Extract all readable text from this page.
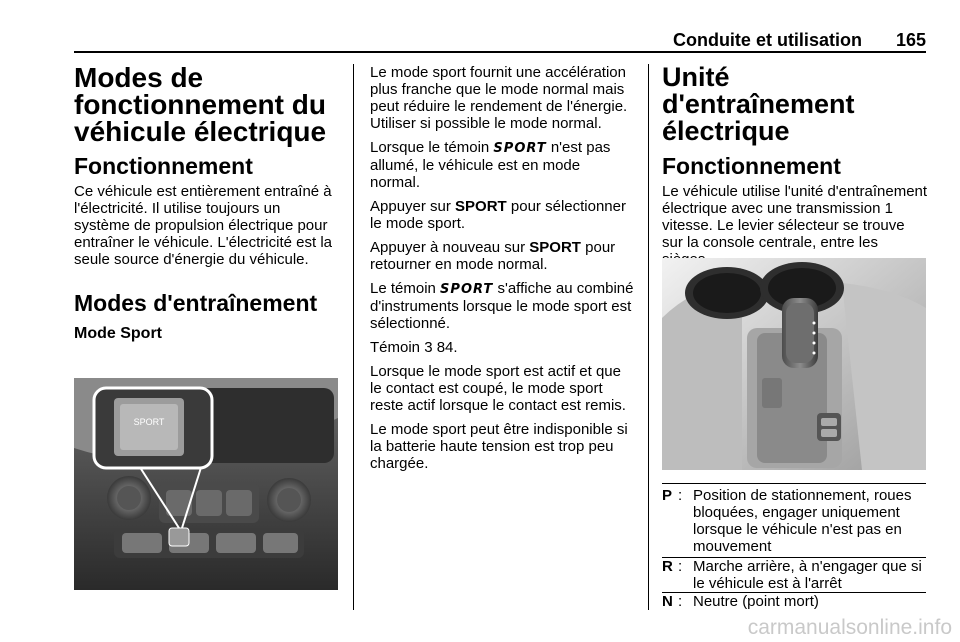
Conduite et utilisation 165
Modes de fonctionnement du véhicule électrique
Fonctionnement

Ce véhicule est entièrement entraîné à l'électricité. Il utilise toujours un système de propulsion électrique pour entraîner le véhicule. L'électricité est la seule source d'énergie du véhicule.

Modes d'entraînement
Mode Sport
SPORT

Le mode sport fournit une accélération plus franche que le mode normal mais peut réduire le rendement de l'énergie. Utiliser si possible le mode normal.

Lorsque le témoin SPORT n'est pas allumé, le véhicule est en mode normal.

Appuyer sur SPORT pour sélectionner le mode sport.

Appuyer à nouveau sur SPORT pour retourner en mode normal.

Le témoin SPORT s'affiche au combiné d'instruments lorsque le mode sport est sélectionné.

Témoin 3 84.

Lorsque le mode sport est actif et que le contact est coupé, le mode sport reste actif lorsque le contact est remis.

Le mode sport peut être indisponible si la batterie haute tension est trop peu chargée.

Unité d'entraînement électrique
Fonctionnement

Le véhicule utilise l'unité d'entraînement électrique avec une transmission 1 vitesse. Le levier sélecteur se trouve sur la console centrale, entre les

P : Position de stationnement, roues bloquées, engager uniquement lorsque le véhicule n'est pas en mouvement
R : Marche arrière, à n'engager que si le véhicule est à l'arrêt
N : Neutre (point mort)
carmanualsonline.info
